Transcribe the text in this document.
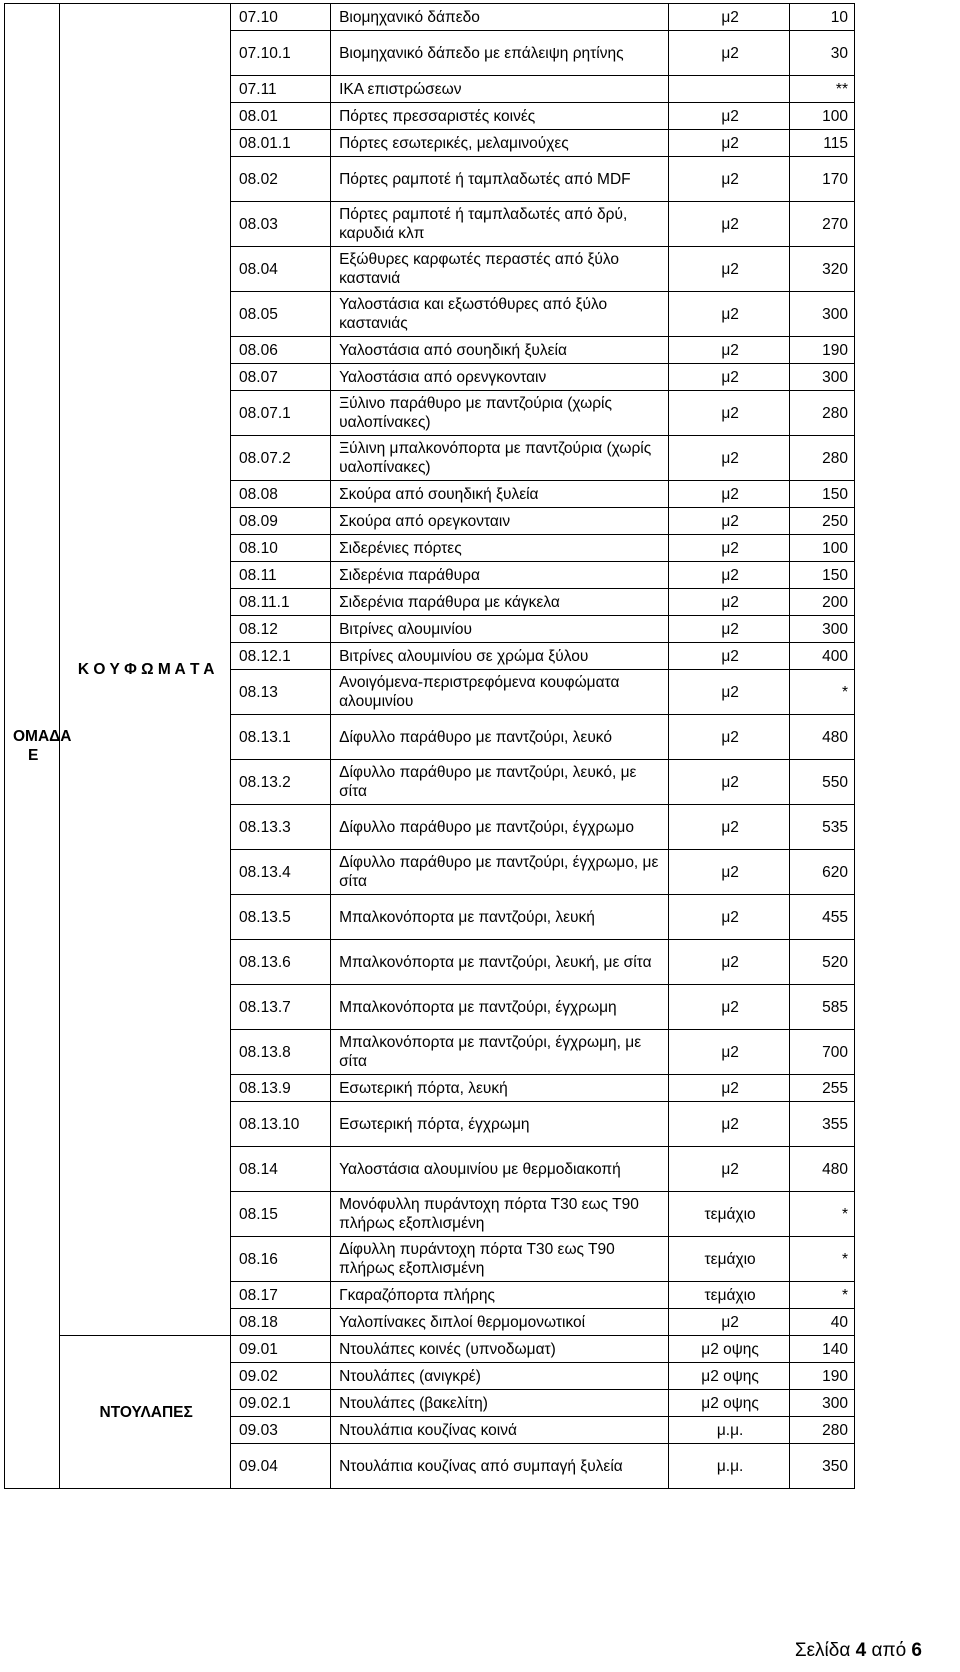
ΟΜΑΔΑ Ε	Κ Ο Υ Φ Ω Μ Α Τ Α	07.10	Βιομηχανικό δάπεδο	μ2	10
		07.10.1	Βιομηχανικό δάπεδο με επάλειψη ρητίνης	μ2	30
		07.11	ΙΚΑ επιστρώσεων		**
		08.01	Πόρτες πρεσσαριστές κοινές	μ2	100
		08.01.1	Πόρτες εσωτερικές, μελαμινούχες	μ2	115
		08.02	Πόρτες ραμποτέ ή ταμπλαδωτές από MDF	μ2	170
		08.03	Πόρτες ραμποτέ ή ταμπλαδωτές από δρύ, καρυδιά κλπ	μ2	270
		08.04	Εξώθυρες καρφωτές περαστές από ξύλο καστανιά	μ2	320
		08.05	Υαλοστάσια και εξωστόθυρες από ξύλο καστανιάς	μ2	300
		08.06	Υαλοστάσια από σουηδική ξυλεία	μ2	190
		08.07	Υαλοστάσια από ορενγκονταιν	μ2	300
		08.07.1	Ξύλινο παράθυρο με παντζούρια (χωρίς υαλοπίνακες)	μ2	280
		08.07.2	Ξύλινη μπαλκονόπορτα με παντζούρια (χωρίς υαλοπίνακες)	μ2	280
		08.08	Σκούρα από σουηδική ξυλεία	μ2	150
		08.09	Σκούρα από ορεγκονταιν	μ2	250
		08.10	Σιδερένιες πόρτες	μ2	100
		08.11	Σιδερένια παράθυρα	μ2	150
		08.11.1	Σιδερένια παράθυρα με κάγκελα	μ2	200
		08.12	Βιτρίνες αλουμινίου	μ2	300
		08.12.1	Βιτρίνες αλουμινίου σε χρώμα ξύλου	μ2	400
		08.13	Ανοιγόμενα-περιστρεφόμενα κουφώματα αλουμινίου	μ2	*
		08.13.1	Δίφυλλο παράθυρο με παντζούρι, λευκό	μ2	480
		08.13.2	Δίφυλλο παράθυρο με παντζούρι, λευκό, με σίτα	μ2	550
		08.13.3	Δίφυλλο παράθυρο με παντζούρι, έγχρωμο	μ2	535
		08.13.4	Δίφυλλο παράθυρο με παντζούρι, έγχρωμο, με σίτα	μ2	620
		08.13.5	Μπαλκονόπορτα με παντζούρι, λευκή	μ2	455
		08.13.6	Μπαλκονόπορτα με παντζούρι, λευκή, με σίτα	μ2	520
		08.13.7	Μπαλκονόπορτα με παντζούρι, έγχρωμη	μ2	585
		08.13.8	Μπαλκονόπορτα με παντζούρι, έγχρωμη, με σίτα	μ2	700
		08.13.9	Εσωτερική πόρτα, λευκή	μ2	255
		08.13.10	Εσωτερική πόρτα, έγχρωμη	μ2	355
		08.14	Υαλοστάσια αλουμινίου με θερμοδιακοπή	μ2	480
		08.15	Μονόφυλλη πυράντοχη πόρτα Τ30 εως Τ90 πλήρως εξοπλισμένη	τεμάχιο	*
		08.16	Δίφυλλη πυράντοχη πόρτα Τ30 εως Τ90 πλήρως εξοπλισμένη	τεμάχιο	*
		08.17	Γκαραζόπορτα πλήρης	τεμάχιο	*
		08.18	Υαλοπίνακες διπλοί θερμομονωτικοί	μ2	40
	ΝΤΟΥΛΑΠΕΣ	09.01	Ντουλάπες κοινές (υπνοδωματ)	μ2 οψης	140
		09.02	Ντουλάπες (ανιγκρέ)	μ2 οψης	190
		09.02.1	Ντουλάπες (βακελίτη)	μ2 οψης	300
		09.03	Ντουλάπια κουζίνας κοινά	μ.μ.	280
		09.04	Ντουλάπια κουζίνας από συμπαγή ξυλεία	μ.μ.	350
Σελίδα 4 από 6
